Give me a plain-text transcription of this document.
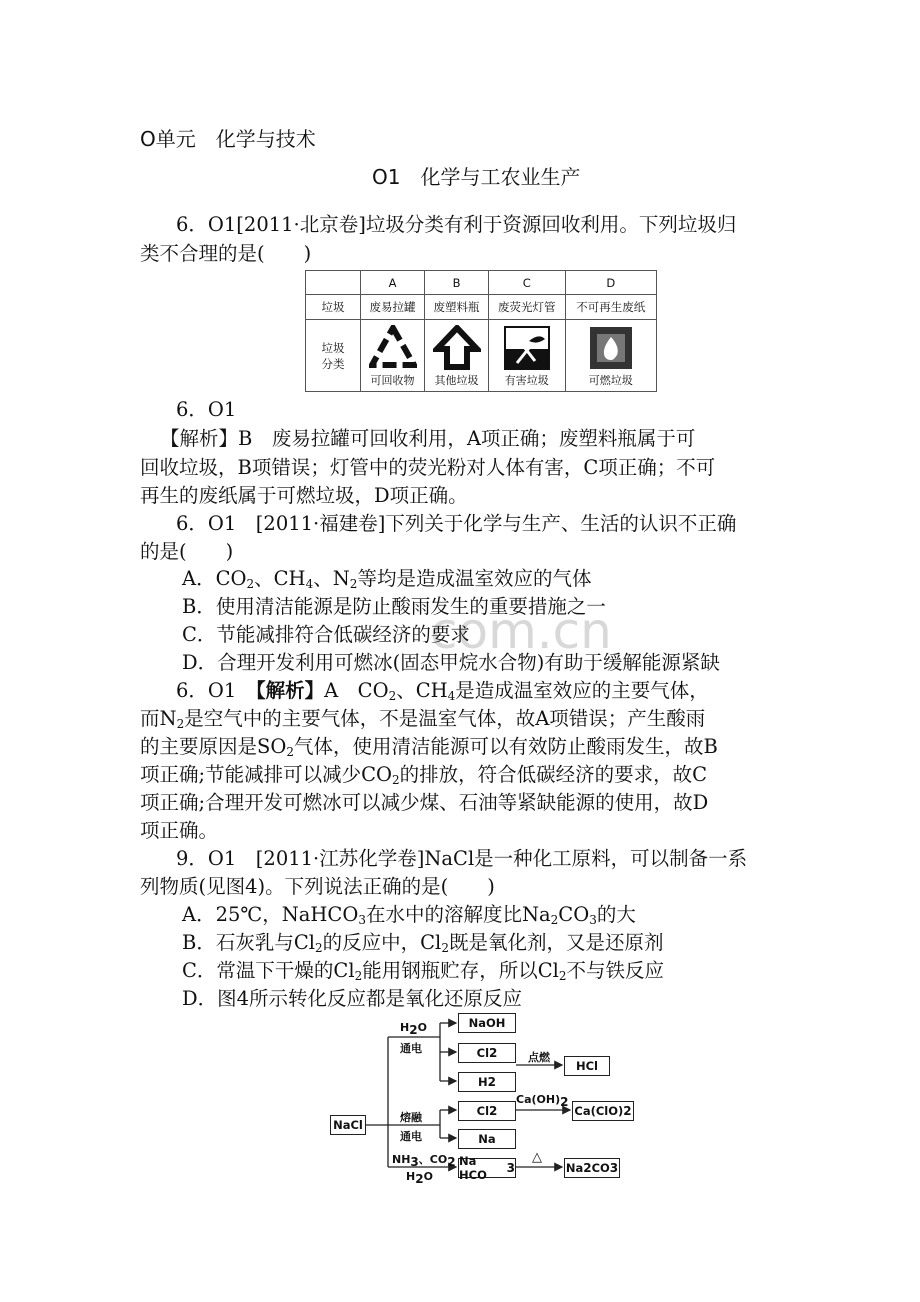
O单元　化学与技术
O1　化学与工农业生产
com.cn
6．O1[2011·北京卷]垃圾分类有利于资源回收利用。下列垃圾归
类不合理的是(　　)
	A	B	C	D
垃圾	废易拉罐	废塑料瓶	废荧光灯管	不可再生废纸

垃圾
分类	可回收物	其他垃圾	有害垃圾	可燃垃圾
6．O1
【解析】B　废易拉罐可回收利用，A项正确；废塑料瓶属于可
回收垃圾，B项错误；灯管中的荧光粉对人体有害，C项正确；不可
再生的废纸属于可燃垃圾，D项正确。
6．O1　[2011·福建卷]下列关于化学与生产、生活的认识不正确
的是(　　)
A．$CO_2$、$CH_4$、$N_2$等均是造成温室效应的气体
B．使用清洁能源是防止酸雨发生的重要措施之一
C．节能减排符合低碳经济的要求
D．合理开发利用可燃冰(固态甲烷水合物)有助于缓解能源紧缺
6．O1　【解析】A　$CO_2$、$CH_4$是造成温室效应的主要气体，
而$N_2$是空气中的主要气体，不是温室气体，故A项错误；产生酸雨
的主要原因是$SO_2$气体，使用清洁能源可以有效防止酸雨发生，故B
项正确;节能减排可以减少$CO_2$的排放，符合低碳经济的要求，故C
项正确;合理开发可燃冰可以减少煤、石油等紧缺能源的使用，故D
项正确。
9．O1　[2011·江苏化学卷]NaCl是一种化工原料，可以制备一系
列物质(见图4)。下列说法正确的是(　　)
A．25℃，NaHCO$_3$在水中的溶解度比$Na_2CO_3$的大
B．石灰乳与$Cl_2$的反应中，$Cl_2$既是氧化剂，又是还原剂
C．常温下干燥的$Cl_2$能用钢瓶贮存，所以$Cl_2$不与铁反应
D．图4所示转化反应都是氧化还原反应
NaCl
NaOH
Cl 2
H 2
HCl
Cl 2	Ca(ClO) 2
Na
Na HCO	3	Na 2 CO 3
$H_2O$
通电
点燃
熔融
通电
$Ca(OH)_2$
$NH_3$、$CO_2$
$H_2O$
△
